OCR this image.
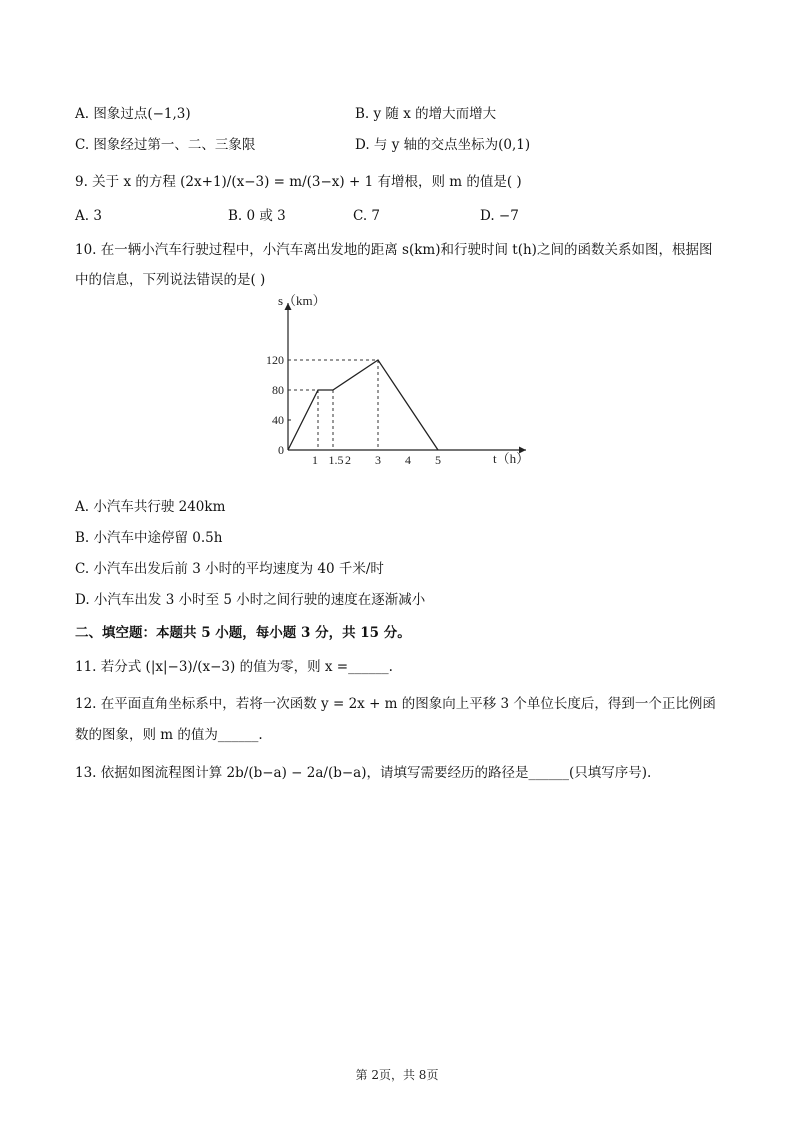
A. 图象过点(−1,3)	B. y 随 x 的增大而增大
C. 图象经过第一、二、三象限	D. 与 y 轴的交点坐标为(0,1)
9. 关于 x 的方程 (2x+1)/(x−3) = m/(3−x) + 1 有增根，则 m 的值是( )
A. 3	B. 0 或 3	C. 7	D. −7
10. 在一辆小汽车行驶过程中，小汽车离出发地的距离 s(km)和行驶时间 t(h)之间的函数关系如图，根据图
中的信息，下列说法错误的是( )
s（km）
t（h）
1 1.5 2 3 4 5
0
40
80
120
A. 小汽车共行驶 240km
B. 小汽车中途停留 0.5h
C. 小汽车出发后前 3 小时的平均速度为 40 千米/时
D. 小汽车出发 3 小时至 5 小时之间行驶的速度在逐渐减小
二、填空题：本题共 5 小题，每小题 3 分，共 15 分。
11. 若分式 (|x|−3)/(x−3) 的值为零，则 x =______.
12. 在平面直角坐标系中，若将一次函数 y = 2x + m 的图象向上平移 3 个单位长度后，得到一个正比例函
数的图象，则 m 的值为______.
13. 依据如图流程图计算 2b/(b−a) − 2a/(b−a)，请填写需要经历的路径是______(只填写序号).
第 2页，共 8页
